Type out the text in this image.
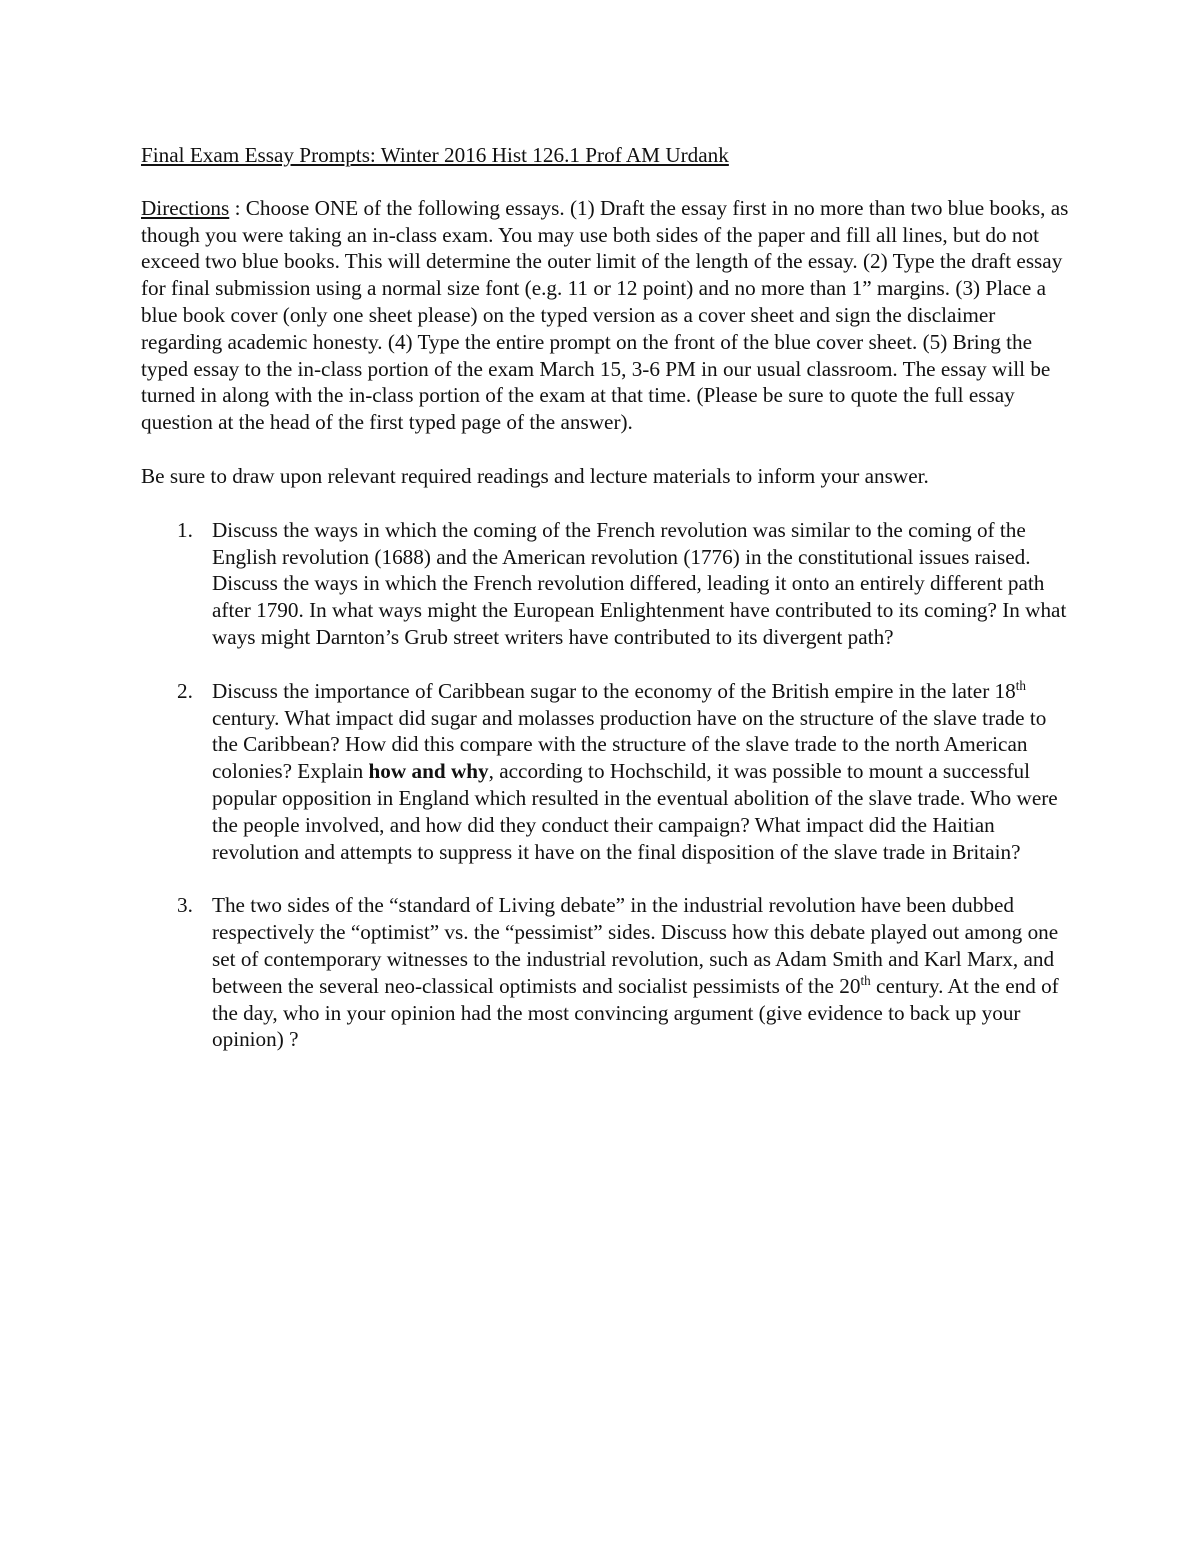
Final Exam Essay Prompts: Winter 2016 Hist 126.1 Prof AM Urdank
Directions : Choose ONE of the following essays. (1) Draft the essay first in no more than two blue books, as though you were taking an in-class exam. You may use both sides of the paper and fill all lines, but do not exceed two blue books. This will determine the outer limit of the length of the essay. (2) Type the draft essay for final submission using a normal size font (e.g. 11 or 12 point) and no more than 1” margins. (3) Place a blue book cover (only one sheet please) on the typed version as a cover sheet and sign the disclaimer regarding academic honesty. (4) Type the entire prompt on the front of the blue cover sheet. (5) Bring the typed essay to the in-class portion of the exam March 15, 3-6 PM in our usual classroom. The essay will be turned in along with the in-class portion of the exam at that time. (Please be sure to quote the full essay question at the head of the first typed page of the answer).
Be sure to draw upon relevant required readings and lecture materials to inform your answer.
1. Discuss the ways in which the coming of the French revolution was similar to the coming of the English revolution (1688) and the American revolution (1776) in the constitutional issues raised. Discuss the ways in which the French revolution differed, leading it onto an entirely different path after 1790. In what ways might the European Enlightenment have contributed to its coming? In what ways might Darnton’s Grub street writers have contributed to its divergent path?
2. Discuss the importance of Caribbean sugar to the economy of the British empire in the later 18th century. What impact did sugar and molasses production have on the structure of the slave trade to the Caribbean? How did this compare with the structure of the slave trade to the north American colonies? Explain how and why, according to Hochschild, it was possible to mount a successful popular opposition in England which resulted in the eventual abolition of the slave trade. Who were the people involved, and how did they conduct their campaign? What impact did the Haitian revolution and attempts to suppress it have on the final disposition of the slave trade in Britain?
3. The two sides of the “standard of Living debate” in the industrial revolution have been dubbed respectively the “optimist” vs. the “pessimist” sides. Discuss how this debate played out among one set of contemporary witnesses to the industrial revolution, such as Adam Smith and Karl Marx, and between the several neo-classical optimists and socialist pessimists of the 20th century. At the end of the day, who in your opinion had the most convincing argument (give evidence to back up your opinion) ?
